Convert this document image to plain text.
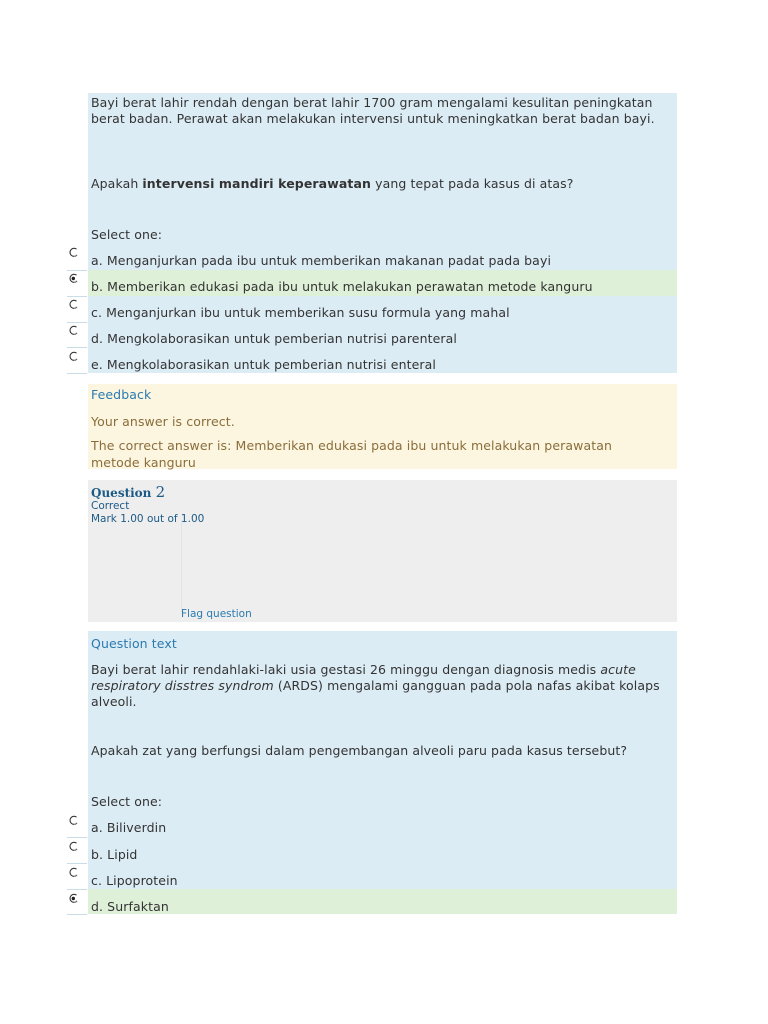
Bayi berat lahir rendah dengan berat lahir 1700 gram mengalami kesulitan peningkatan berat badan. Perawat akan melakukan intervensi untuk meningkatkan berat badan bayi.
Apakah intervensi mandiri keperawatan yang tepat pada kasus di atas?
Select one:
a. Menganjurkan pada ibu untuk memberikan makanan padat pada bayi
b. Memberikan edukasi pada ibu untuk melakukan perawatan metode kanguru
c. Menganjurkan ibu untuk memberikan susu formula yang mahal
d. Mengkolaborasikan untuk pemberian nutrisi parenteral
e. Mengkolaborasikan untuk pemberian nutrisi enteral
Feedback
Your answer is correct.
The correct answer is: Memberikan edukasi pada ibu untuk melakukan perawatan
metode kanguru
Question 2
Correct
Mark 1.00 out of 1.00
Flag question
Question text
Bayi berat lahir rendahlaki-laki usia gestasi 26 minggu dengan diagnosis medis acute respiratory disstres syndrom (ARDS) mengalami gangguan pada pola nafas akibat kolaps alveoli.
Apakah zat yang berfungsi dalam pengembangan alveoli paru pada kasus tersebut?
Select one:
a. Biliverdin
b. Lipid
c. Lipoprotein
d. Surfaktan
